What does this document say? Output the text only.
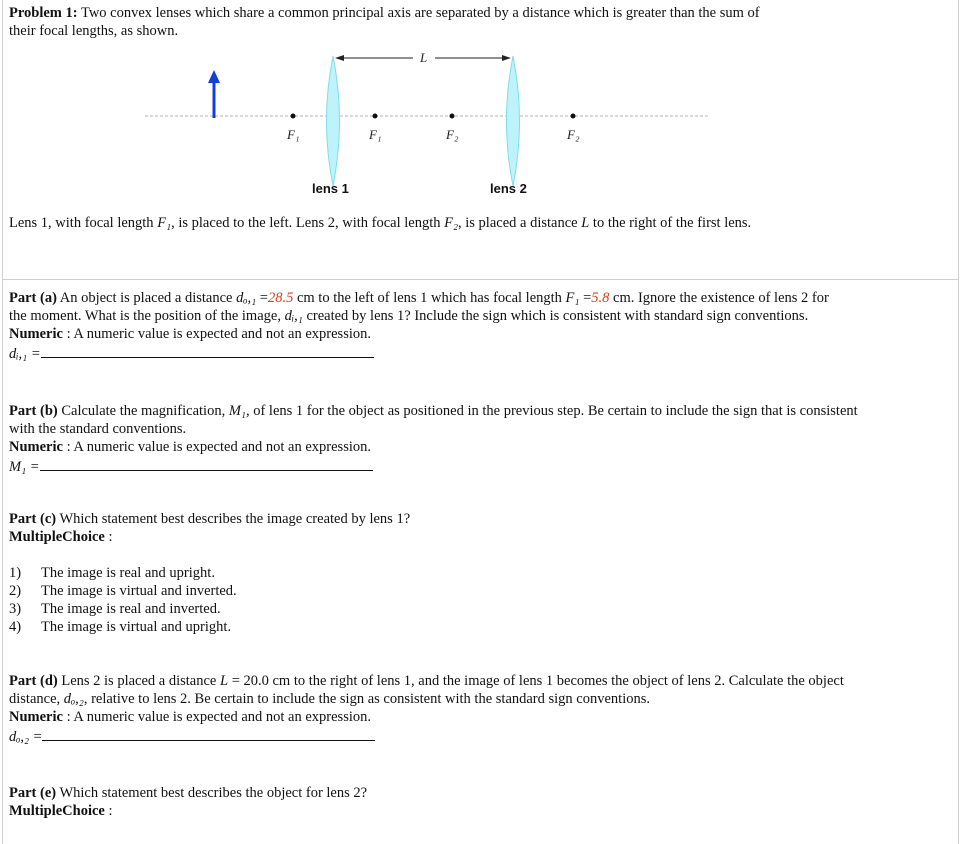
Problem 1: Two convex lenses which share a common principal axis are separated by a distance which is greater than the sum of
their focal lengths, as shown.
L
F₁	F₁	F₂	F₂
lens 1	lens 2
Lens 1, with focal length F₁, is placed to the left. Lens 2, with focal length F₂, is placed a distance L to the right of the first lens.
Part (a) An object is placed a distance dₒ,₁ =28.5 cm to the left of lens 1 which has focal length F₁ =5.8 cm. Ignore the existence of lens 2 for
the moment. What is the position of the image, dᵢ,₁ created by lens 1? Include the sign which is consistent with standard sign conventions.
Numeric : A numeric value is expected and not an expression.
dᵢ,₁ =
Part (b) Calculate the magnification, M₁, of lens 1 for the object as positioned in the previous step. Be certain to include the sign that is consistent
with the standard conventions.
Numeric : A numeric value is expected and not an expression.
M₁ =
Part (c) Which statement best describes the image created by lens 1?
MultipleChoice :
1) The image is real and upright.
2) The image is virtual and inverted.
3) The image is real and inverted.
4) The image is virtual and upright.
Part (d) Lens 2 is placed a distance L = 20.0 cm to the right of lens 1, and the image of lens 1 becomes the object of lens 2. Calculate the object
distance, dₒ,₂, relative to lens 2. Be certain to include the sign as consistent with the standard sign conventions.
Numeric : A numeric value is expected and not an expression.
dₒ,₂ =
Part (e) Which statement best describes the object for lens 2?
MultipleChoice :
